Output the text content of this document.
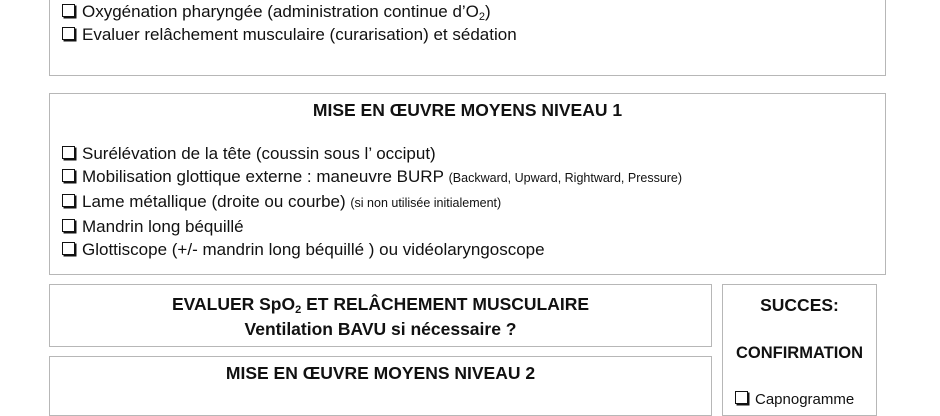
Oxygénation pharyngée (administration continue $d’O_2$)
Evaluer relâchement musculaire (curarisation) et sédation
MISE EN ŒUVRE MOYENS NIVEAU 1
Surélévation de la tête (coussin sous l’ occiput)
Mobilisation glottique externe : maneuvre BURP
(Backward, Upward, Rightward, Pressure)
Lame métallique (droite ou courbe)
(si non utilisée initialement)
Mandrin long béquillé
Glottiscope (+/- mandrin long béquillé ) ou vidéolaryngoscope
EVALUER SpO$_2$ ET RELÂCHEMENT MUSCULAIRE
Ventilation BAVU si nécessaire ?
MISE EN ŒUVRE MOYENS NIVEAU 2
SUCCES:
CONFIRMATION
Capnogramme
